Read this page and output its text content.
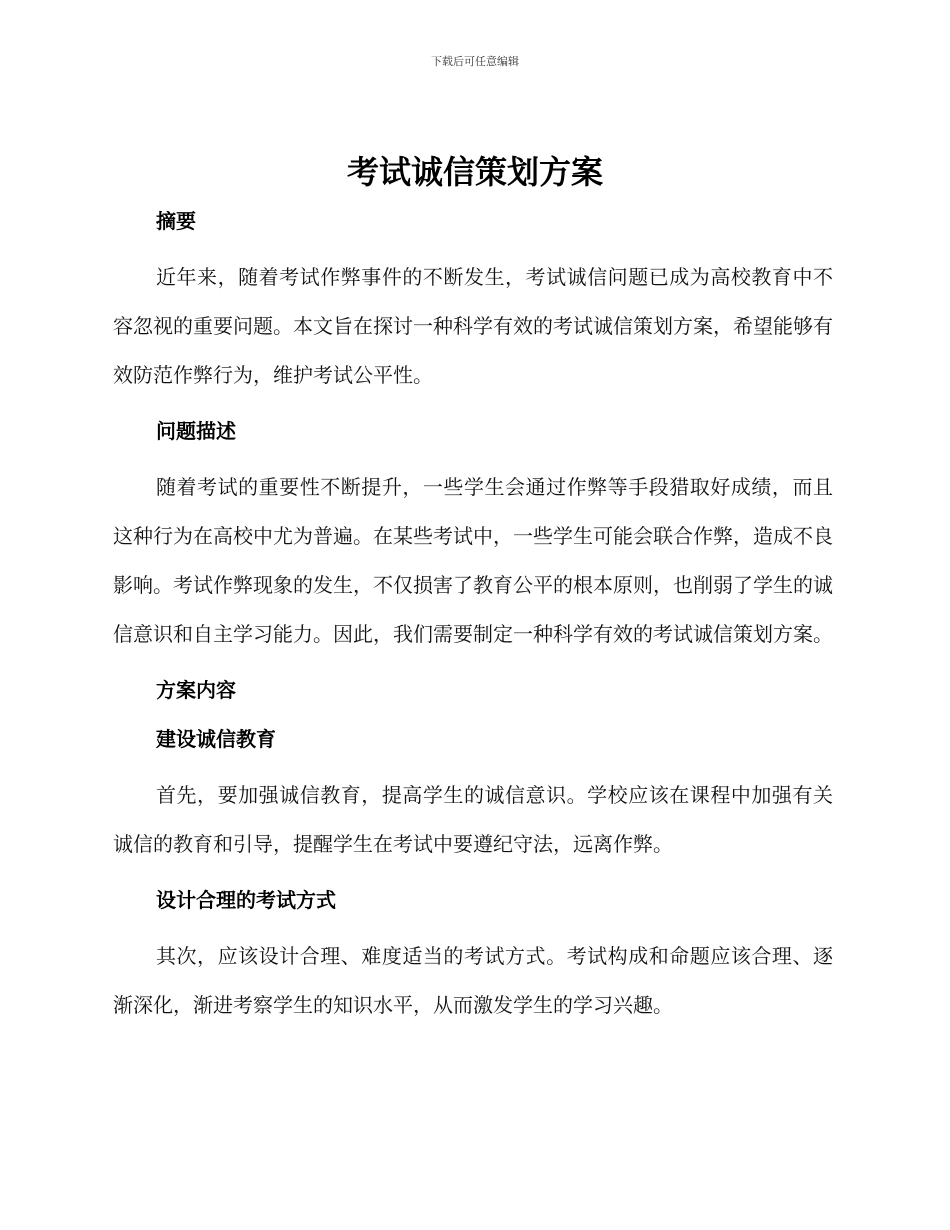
下载后可任意编辑
考试诚信策划方案

摘要

近年来，随着考试作弊事件的不断发生，考试诚信问题已成为高校教育中不容忽视的重要问题。本文旨在探讨一种科学有效的考试诚信策划方案，希望能够有效防范作弊行为，维护考试公平性。

问题描述

随着考试的重要性不断提升，一些学生会通过作弊等手段猎取好成绩，而且这种行为在高校中尤为普遍。在某些考试中，一些学生可能会联合作弊，造成不良影响。考试作弊现象的发生，不仅损害了教育公平的根本原则，也削弱了学生的诚信意识和自主学习能力。因此，我们需要制定一种科学有效的考试诚信策划方案。

方案内容

建设诚信教育

首先，要加强诚信教育，提高学生的诚信意识。学校应该在课程中加强有关诚信的教育和引导，提醒学生在考试中要遵纪守法，远离作弊。

设计合理的考试方式

其次，应该设计合理、难度适当的考试方式。考试构成和命题应该合理、逐渐深化，渐进考察学生的知识水平，从而激发学生的学习兴趣。
